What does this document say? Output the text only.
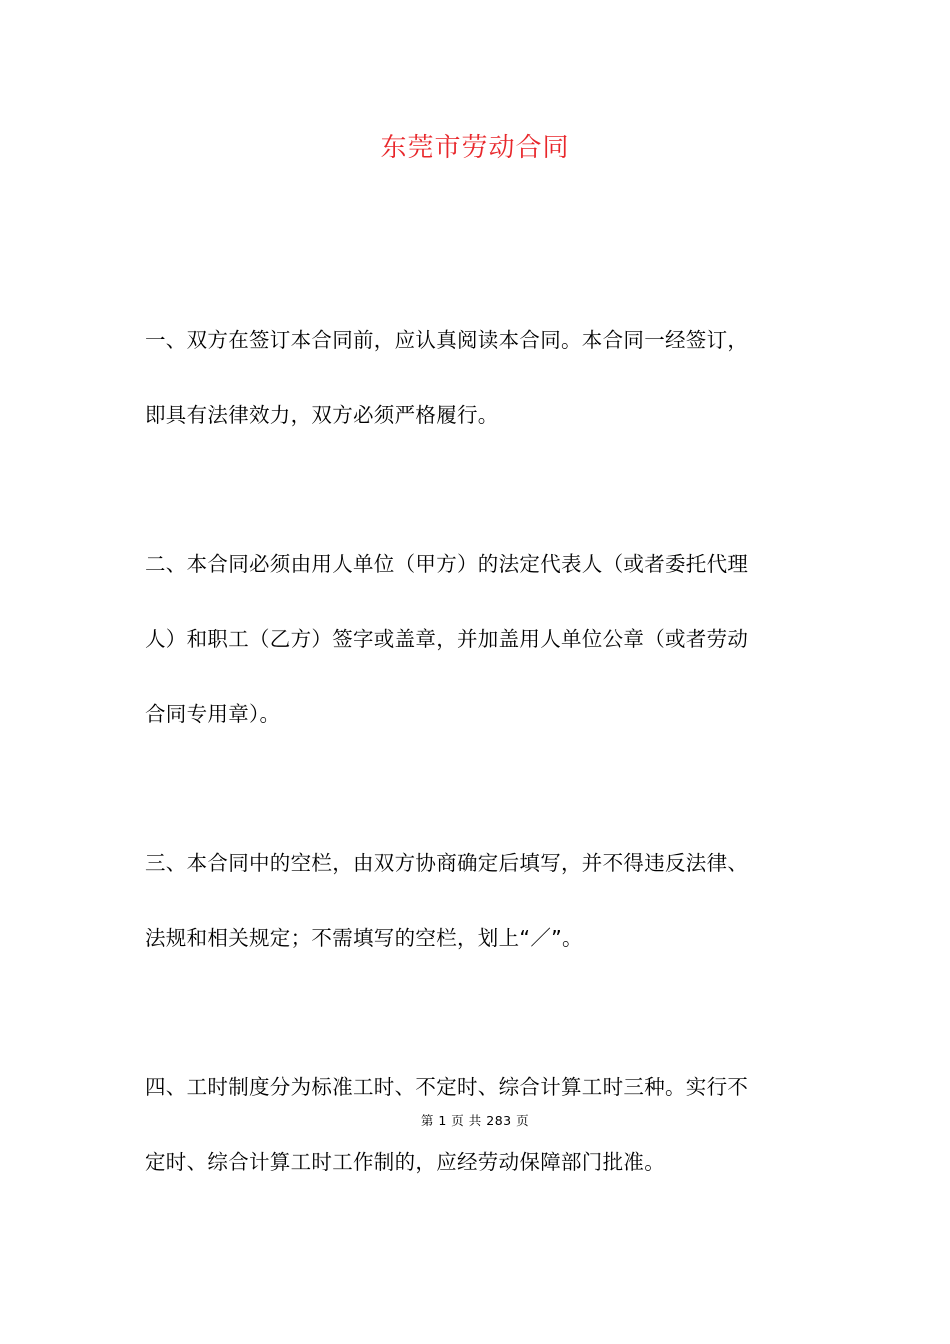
东莞市劳动合同
一、双方在签订本合同前，应认真阅读本合同。本合同一经签订，
即具有法律效力，双方必须严格履行。
二、本合同必须由用人单位（甲方）的法定代表人（或者委托代理
人）和职工（乙方）签字或盖章，并加盖用人单位公章（或者劳动
合同专用章）。
三、本合同中的空栏，由双方协商确定后填写，并不得违反法律、
法规和相关规定；不需填写的空栏，划上“／”。
四、工时制度分为标准工时、不定时、综合计算工时三种。实行不
定时、综合计算工时工作制的，应经劳动保障部门批准。
第 1 页 共 283 页
